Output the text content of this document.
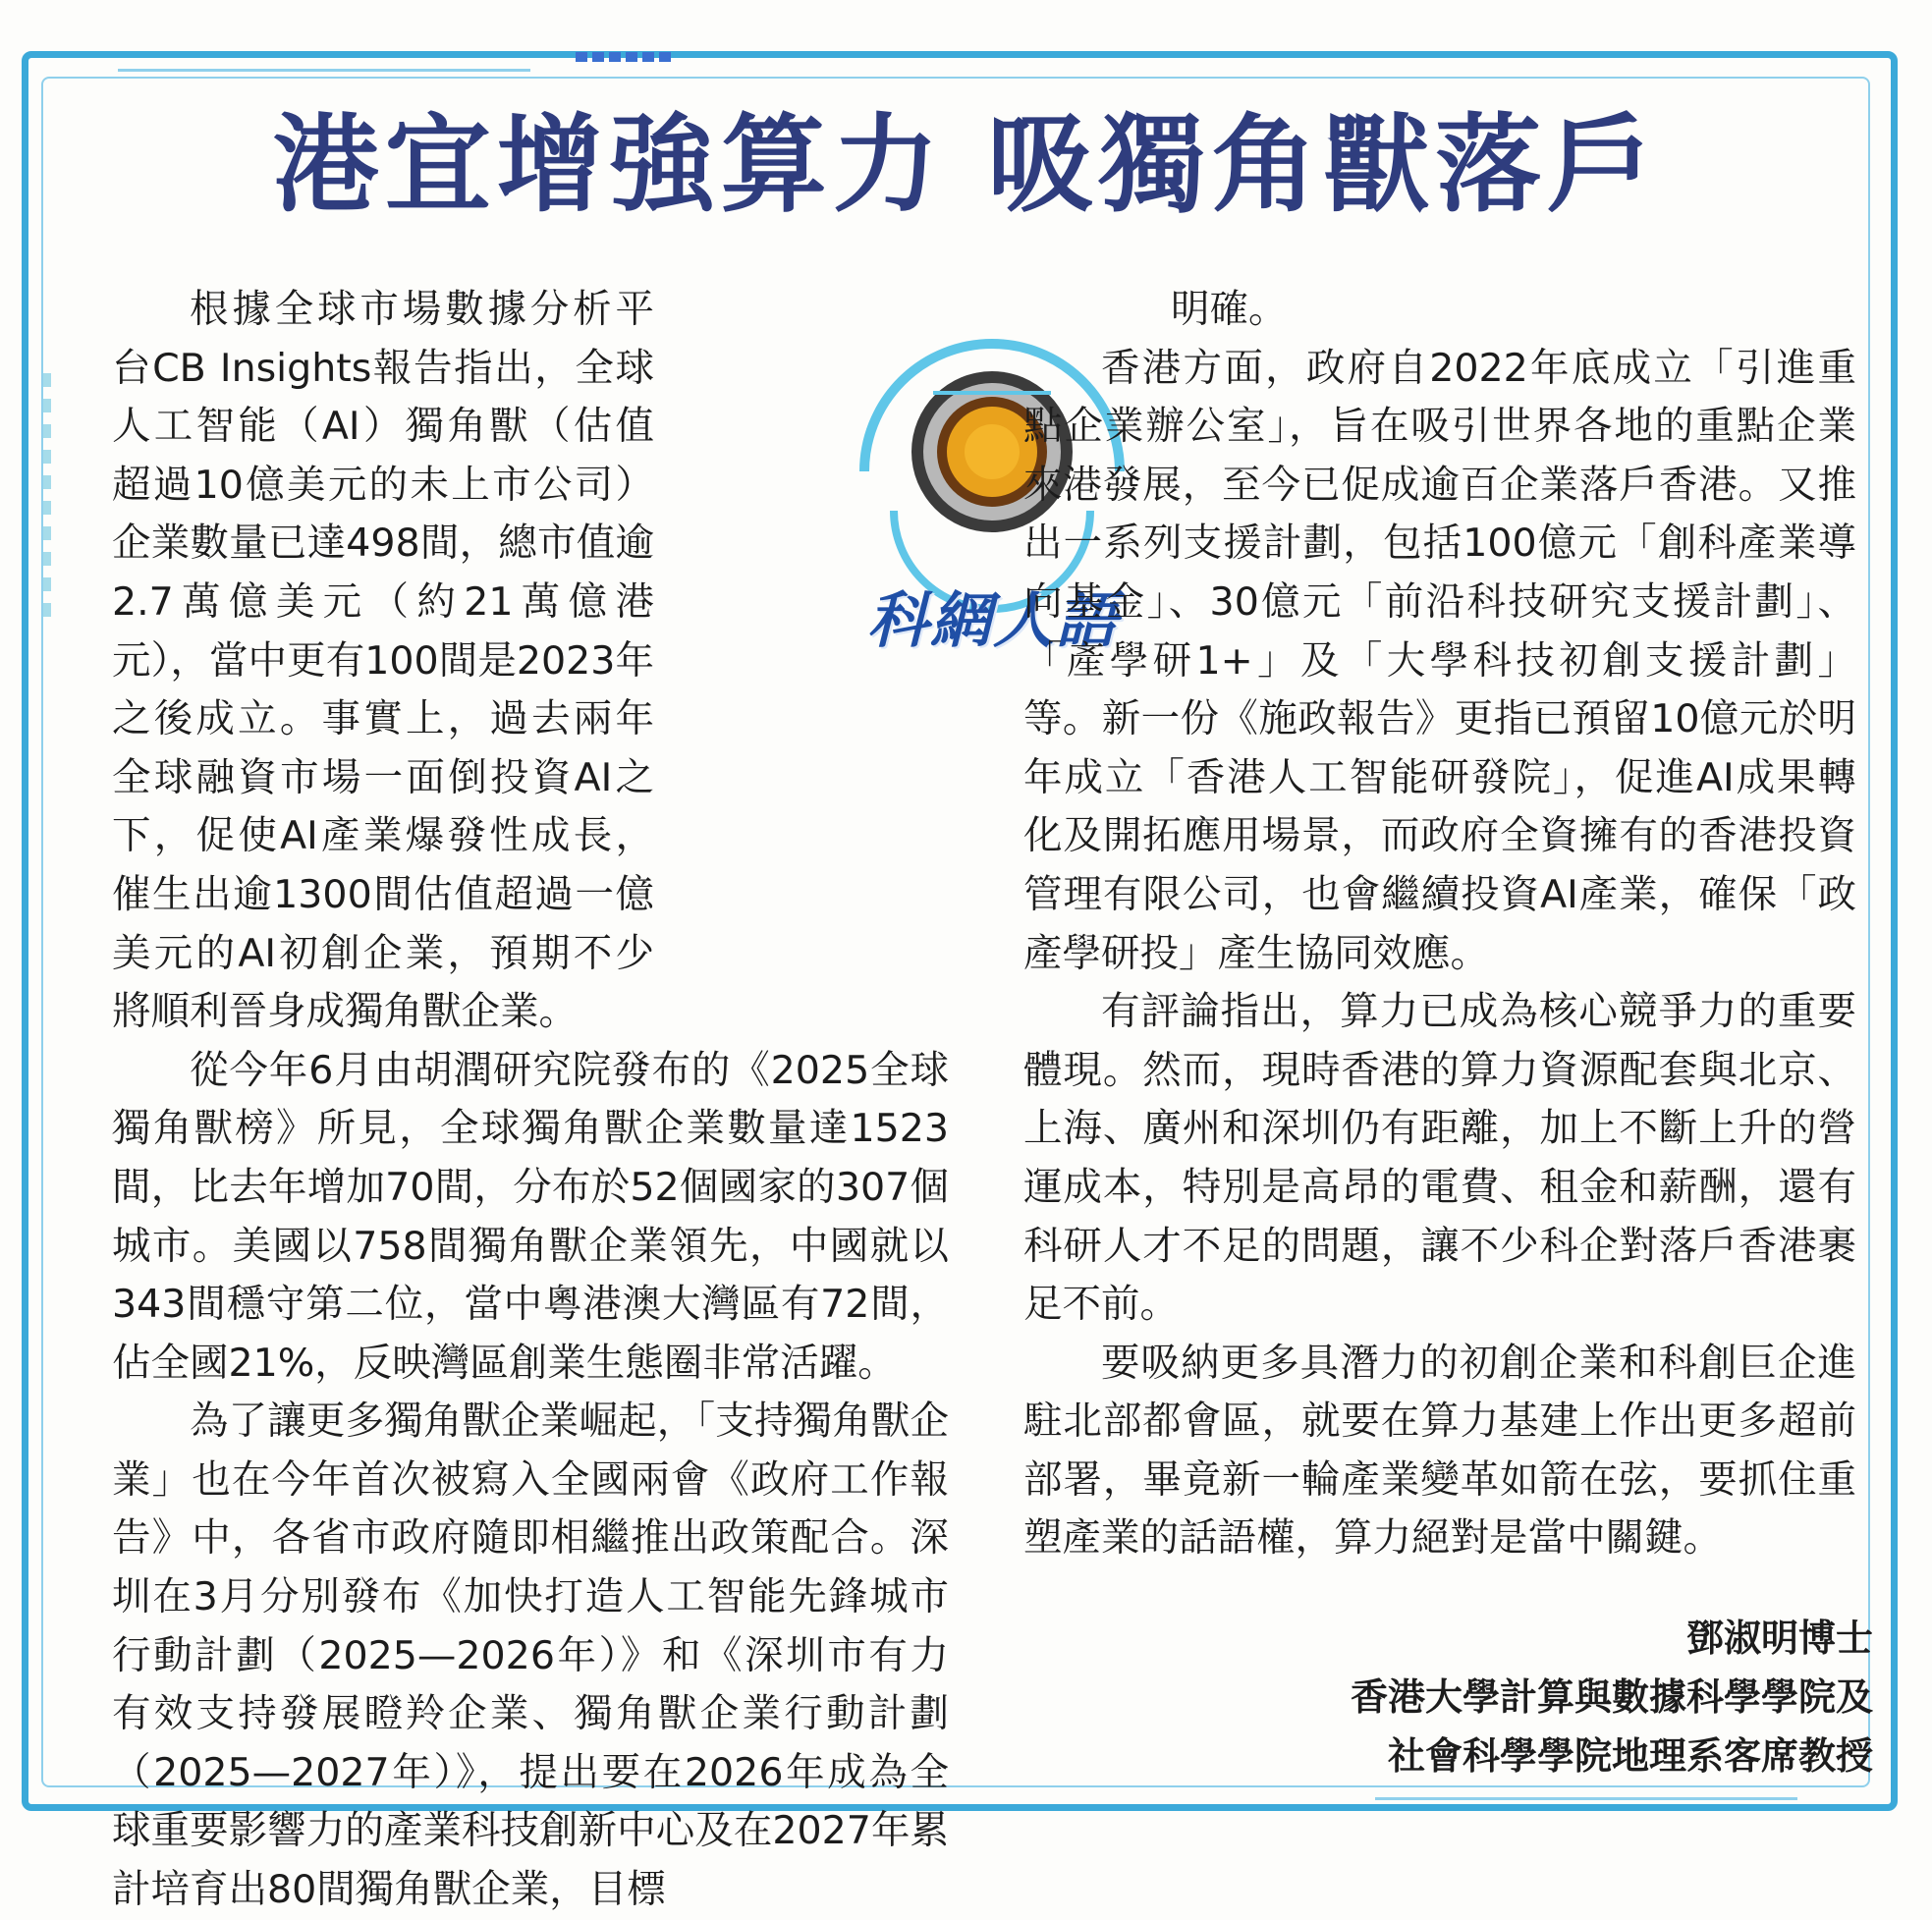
港宜增強算力 吸獨角獸落戶

根據全球市場數據分析平台CB Insights報告指出，全球人工智能（AI）獨角獸（估值超過10億美元的未上市公司）企業數量已達498間，總市值逾2.7萬億美元（約21萬億港元），當中更有100間是2023年之後成立。事實上，過去兩年全球融資市場一面倒投資AI之下，促使AI產業爆發性成長，催生出逾1300間估值超過一億美元的AI初創企業，預期不少將順利晉身成獨角獸企業。

從今年6月由胡潤研究院發布的《2025全球獨角獸榜》所見，全球獨角獸企業數量達1523間，比去年增加70間，分布於52個國家的307個城市。美國以758間獨角獸企業領先，中國就以343間穩守第二位，當中粵港澳大灣區有72間，佔全國21%，反映灣區創業生態圈非常活躍。

為了讓更多獨角獸企業崛起，「支持獨角獸企業」也在今年首次被寫入全國兩會《政府工作報告》中，各省市政府隨即相繼推出政策配合。深圳在3月分別發布《加快打造人工智能先鋒城市行動計劃（2025—2026年）》和《深圳市有力有效支持發展瞪羚企業、獨角獸企業行動計劃（2025—2027年）》，提出要在2026年成為全球重要影響力的產業科技創新中心及在2027年累計培育出80間獨角獸企業，目標

科網人語

明確。

香港方面，政府自2022年底成立「引進重點企業辦公室」，旨在吸引世界各地的重點企業來港發展，至今已促成逾百企業落戶香港。又推出一系列支援計劃，包括100億元「創科產業導向基金」、30億元「前沿科技研究支援計劃」、「產學研1+」及「大學科技初創支援計劃」等。新一份《施政報告》更指已預留10億元於明年成立「香港人工智能研發院」，促進AI成果轉化及開拓應用場景，而政府全資擁有的香港投資管理有限公司，也會繼續投資AI產業，確保「政產學研投」產生協同效應。

有評論指出，算力已成為核心競爭力的重要體現。然而，現時香港的算力資源配套與北京、上海、廣州和深圳仍有距離，加上不斷上升的營運成本，特別是高昂的電費、租金和薪酬，還有科研人才不足的問題，讓不少科企對落戶香港裹足不前。

要吸納更多具潛力的初創企業和科創巨企進駐北部都會區，就要在算力基建上作出更多超前部署，畢竟新一輪產業變革如箭在弦，要抓住重塑產業的話語權，算力絕對是當中關鍵。

鄧淑明博士
香港大學計算與數據科學學院及
社會科學學院地理系客席教授
